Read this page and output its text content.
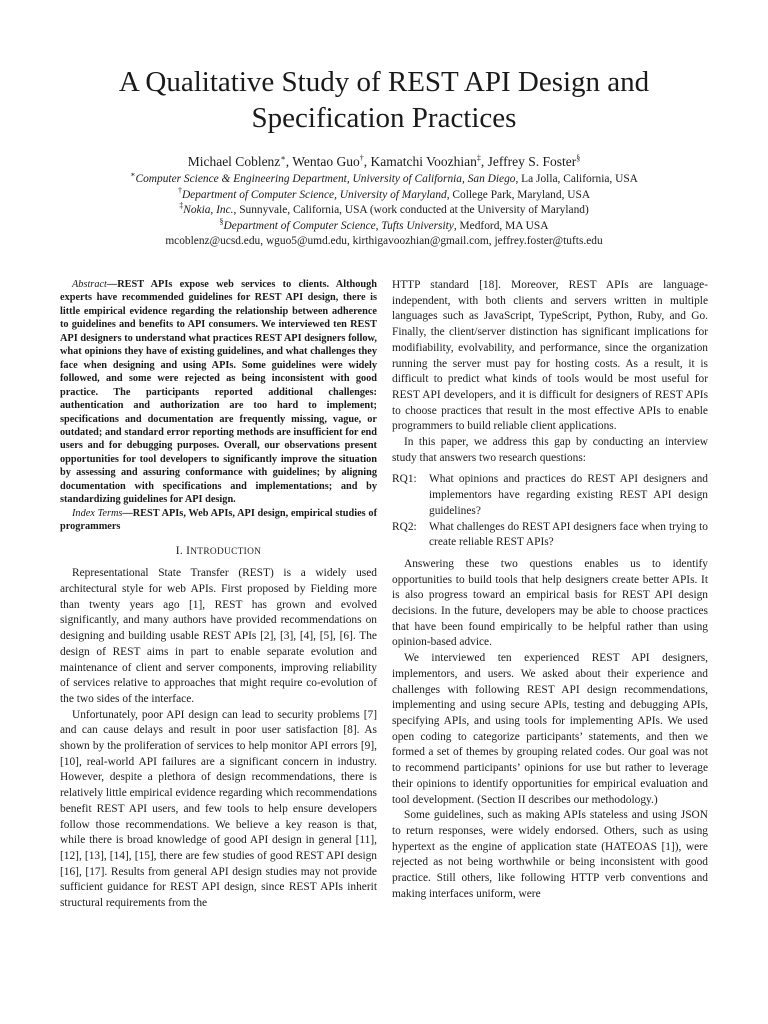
A Qualitative Study of REST API Design and
Specification Practices
Michael Coblenz∗, Wentao Guo†, Kamatchi Voozhian‡, Jeffrey S. Foster§
∗Computer Science & Engineering Department, University of California, San Diego, La Jolla, California, USA
†Department of Computer Science, University of Maryland, College Park, Maryland, USA
‡Nokia, Inc., Sunnyvale, California, USA (work conducted at the University of Maryland)
§Department of Computer Science, Tufts University, Medford, MA USA
mcoblenz@ucsd.edu, wguo5@umd.edu, kirthigavoozhian@gmail.com, jeffrey.foster@tufts.edu

Abstract—REST APIs expose web services to clients. Although experts have recommended guidelines for REST API design, there is little empirical evidence regarding the relationship between adherence to guidelines and benefits to API consumers. We interviewed ten REST API designers to understand what practices REST API designers follow, what opinions they have of existing guidelines, and what challenges they face when designing and using APIs. Some guidelines were widely followed, and some were rejected as being inconsistent with good practice. The participants reported additional challenges: authentication and authorization are too hard to implement; specifications and documentation are frequently missing, vague, or outdated; and standard error reporting methods are insufficient for end users and for debugging purposes. Overall, our observations present opportunities for tool developers to significantly improve the situation by assessing and assuring conformance with guidelines; by aligning documentation with specifications and implementations; and by standardizing guidelines for API design.

Index Terms—REST APIs, Web APIs, API design, empirical studies of programmers

I. INTRODUCTION

Representational State Transfer (REST) is a widely used architectural style for web APIs. First proposed by Fielding more than twenty years ago [1], REST has grown and evolved significantly, and many authors have provided recommendations on designing and building usable REST APIs [2], [3], [4], [5], [6]. The design of REST aims in part to enable separate evolution and maintenance of client and server components, improving reliability of services relative to approaches that might require co-evolution of the two sides of the interface.

Unfortunately, poor API design can lead to security problems [7] and can cause delays and result in poor user satisfaction [8]. As shown by the proliferation of services to help monitor API errors [9], [10], real-world API failures are a significant concern in industry. However, despite a plethora of design recommendations, there is relatively little empirical evidence regarding which recommendations benefit REST API users, and few tools to help ensure developers follow those recommendations. We believe a key reason is that, while there is broad knowledge of good API design in general [11], [12], [13], [14], [15], there are few studies of good REST API design [16], [17]. Results from general API design studies may not provide sufficient guidance for REST API design, since REST APIs inherit structural requirements from the

HTTP standard [18]. Moreover, REST APIs are language-independent, with both clients and servers written in multiple languages such as JavaScript, TypeScript, Python, Ruby, and Go. Finally, the client/server distinction has significant implications for modifiability, evolvability, and performance, since the organization running the server must pay for hosting costs. As a result, it is difficult to predict what kinds of tools would be most useful for REST API developers, and it is difficult for designers of REST APIs to choose practices that result in the most effective APIs to enable programmers to build reliable client applications.

In this paper, we address this gap by conducting an interview study that answers two research questions:

RQ1:	What opinions and practices do REST API designers and implementors have regarding existing REST API design guidelines?
RQ2:	What challenges do REST API designers face when trying to create reliable REST APIs?

Answering these two questions enables us to identify opportunities to build tools that help designers create better APIs. It is also progress toward an empirical basis for REST API design decisions. In the future, developers may be able to choose practices that have been found empirically to be helpful rather than using opinion-based advice.

We interviewed ten experienced REST API designers, implementors, and users. We asked about their experience and challenges with following REST API design recommendations, implementing and using secure APIs, testing and debugging APIs, specifying APIs, and using tools for implementing APIs. We used open coding to categorize participants’ statements, and then we formed a set of themes by grouping related codes. Our goal was not to recommend participants’ opinions for use but rather to leverage their opinions to identify opportunities for empirical evaluation and tool development. (Section II describes our methodology.)

Some guidelines, such as making APIs stateless and using JSON to return responses, were widely endorsed. Others, such as using hypertext as the engine of application state (HATEOAS [1]), were rejected as not being worthwhile or being inconsistent with good practice. Still others, like following HTTP verb conventions and making interfaces uniform, were
